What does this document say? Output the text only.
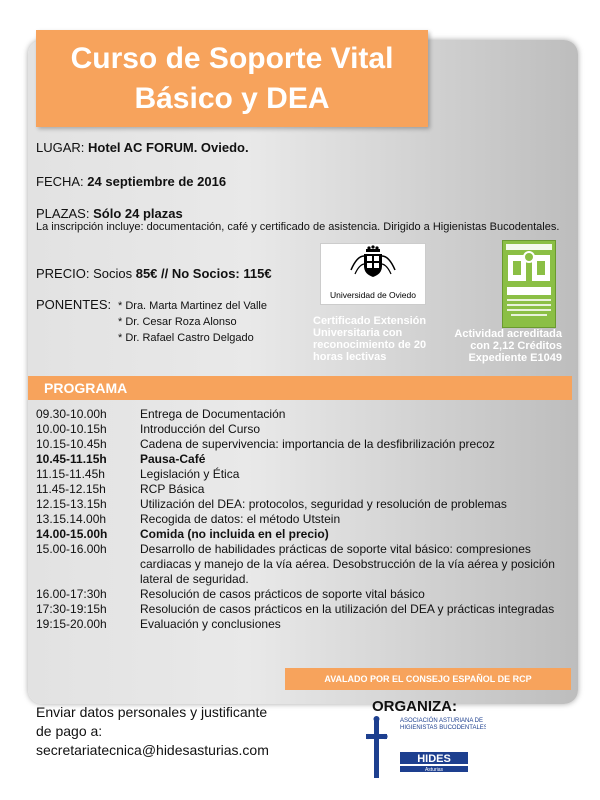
Curso de Soporte Vital
Básico y DEA
LUGAR: Hotel AC FORUM. Oviedo.
FECHA: 24 septiembre de 2016
PLAZAS: Sólo 24 plazas
La inscripción incluye: documentación, café y certificado de asistencia. Dirigido a Higienistas Bucodentales.
PRECIO: Socios 85€ // No Socios: 115€
PONENTES: * Dra. Marta Martinez del Valle
* Dr. Cesar Roza Alonso
* Dr. Rafael Castro Delgado
Universidad de Oviedo
Certificado Extensión Universitaria con reconocimiento de 20 horas lectivas
Actividad acreditada
con 2,12 Créditos
Expediente E1049
PROGRAMA
09.30-10.00h	Entrega de Documentación
10.00-10.15h	Introducción del Curso
10.15-10.45h	Cadena de supervivencia: importancia de la desfibrilización precoz
10.45-11.15h	Pausa-Café
11.15-11.45h	Legislación y Ética
11.45-12.15h	RCP Básica
12.15-13.15h	Utilización del DEA: protocolos, seguridad y resolución de problemas
13.15.14.00h	Recogida de datos: el método Utstein
14.00-15.00h	Comida (no incluida en el precio)
15.00-16.00h	Desarrollo de habilidades prácticas de soporte vital básico: compresiones cardiacas y manejo de la vía aérea. Desobstrucción de la vía aérea y posición lateral de seguridad.
16.00-17:30h	Resolución de casos prácticos de soporte vital básico
17:30-19:15h	Resolución de casos prácticos en la utilización del DEA y prácticas integradas
19:15-20.00h	Evaluación y conclusiones
AVALADO POR EL CONSEJO ESPAÑOL DE RCP
Enviar datos personales y justificante
de pago a:
secretariatecnica@hidesasturias.com
ORGANIZA:
ASOCIACIÓN ASTURIANA DE
HIGIENISTAS BUCODENTALES
HIDES
Asturias
